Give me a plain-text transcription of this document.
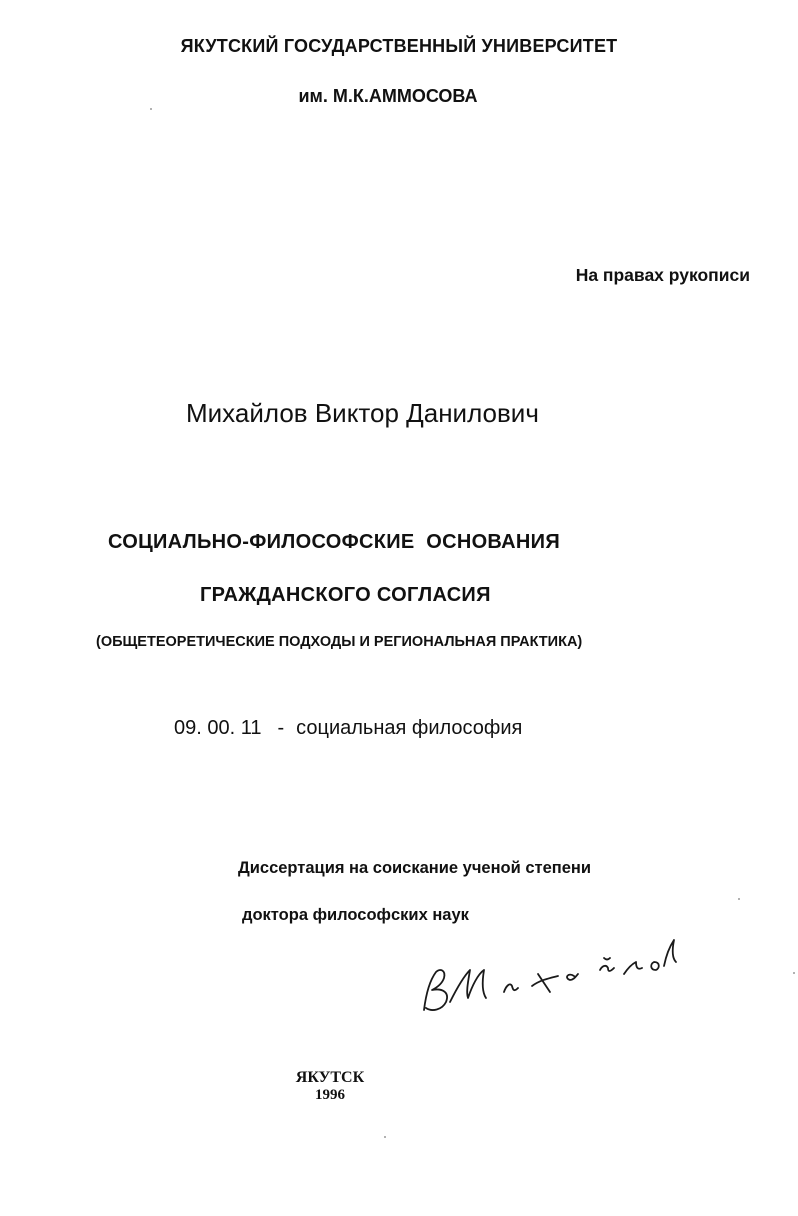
ЯКУТСКИЙ ГОСУДАРСТВЕННЫЙ УНИВЕРСИТЕТ

им. М.К.АММОСОВА

На правах рукописи

Михайлов Виктор Данилович

СОЦИАЛЬНО-ФИЛОСОФСКИЕ  ОСНОВАНИЯ

ГРАЖДАНСКОГО СОГЛАСИЯ

(ОБЩЕТЕОРЕТИЧЕСКИЕ ПОДХОДЫ И РЕГИОНАЛЬНАЯ ПРАКТИКА)

09. 00. 11 - социальная философия

Диссертация на соискание ученой степени

доктора философских наук

ЯКУТСК

1996
